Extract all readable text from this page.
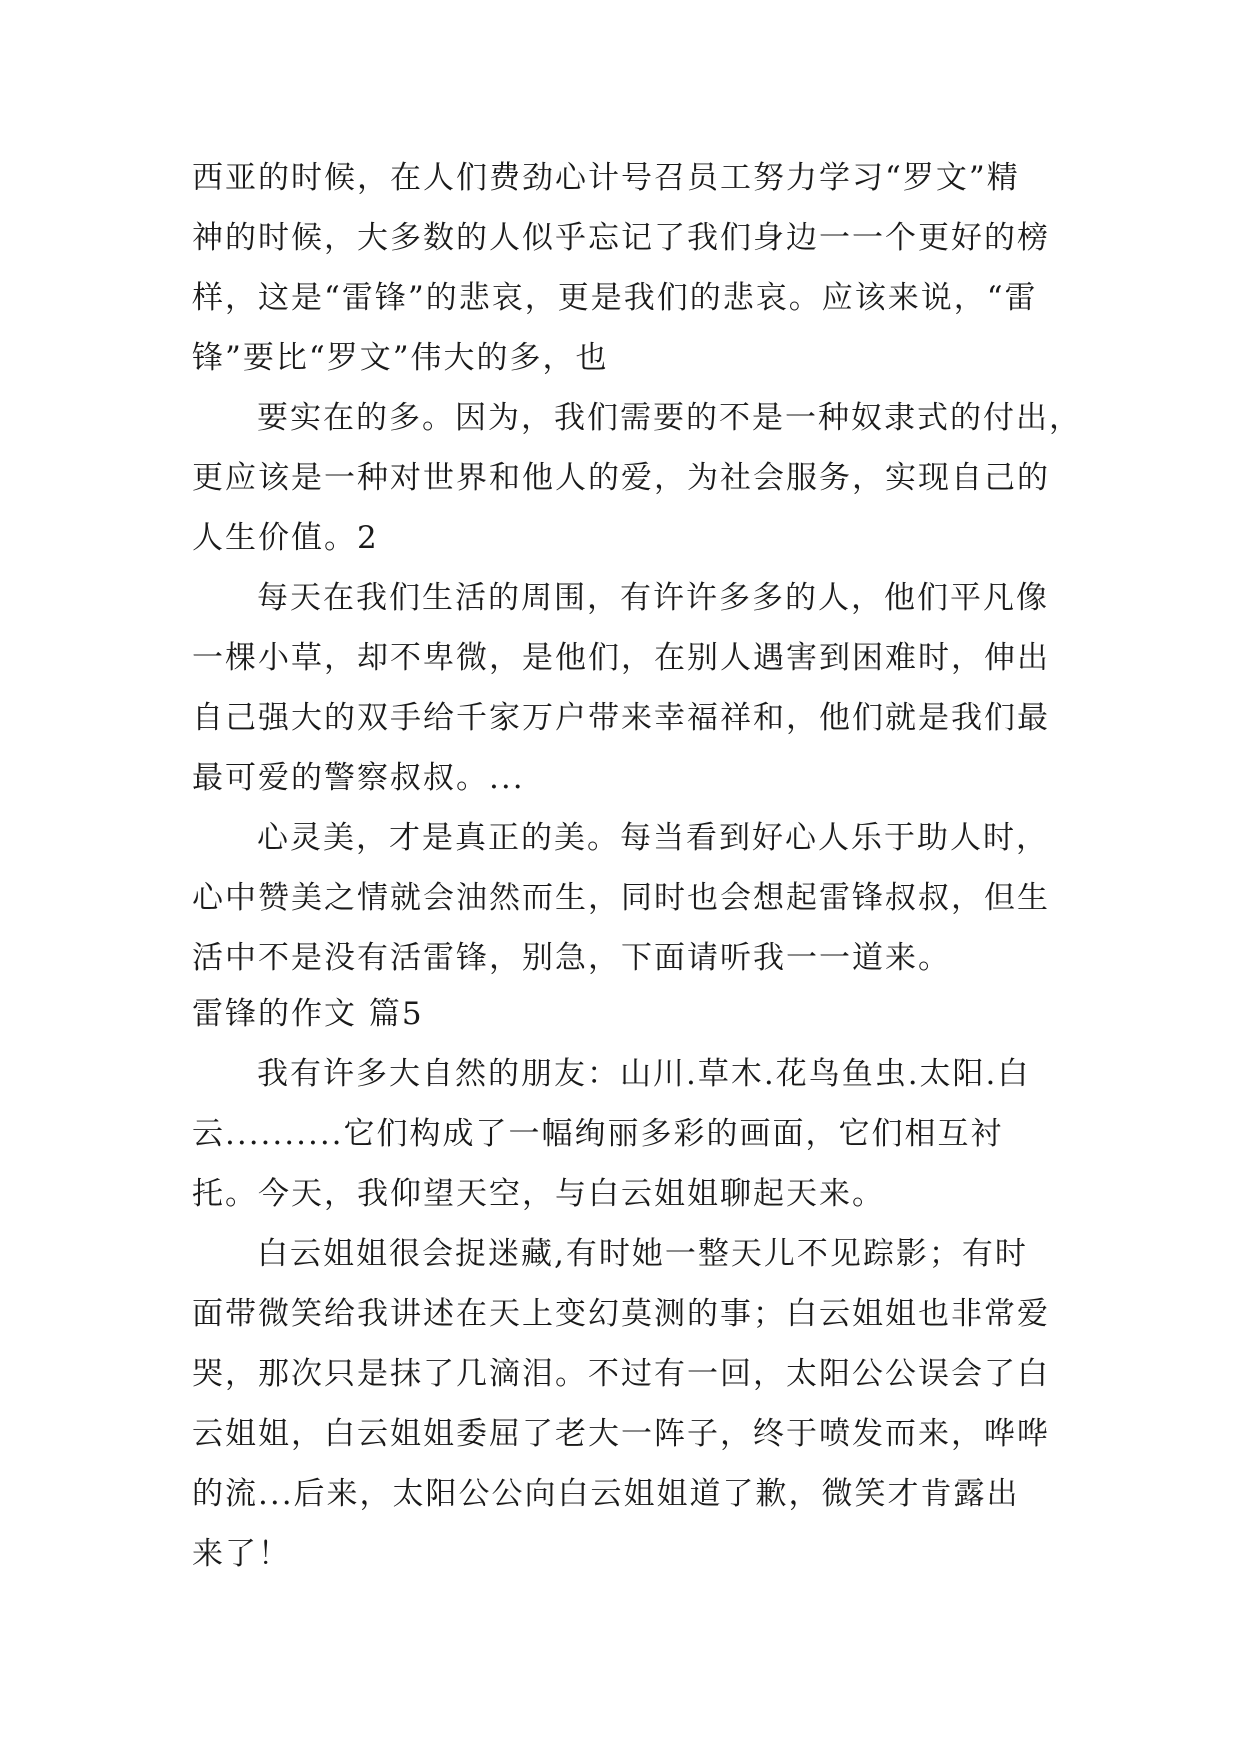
西亚的时候，在人们费劲心计号召员工努力学习“罗文”精
神的时候，大多数的人似乎忘记了我们身边一一个更好的榜
样，这是“雷锋”的悲哀，更是我们的悲哀。应该来说，“雷
锋”要比“罗文”伟大的多，也
要实在的多。因为，我们需要的不是一种奴隶式的付出，
更应该是一种对世界和他人的爱，为社会服务，实现自己的
人生价值。2
每天在我们生活的周围，有许许多多的人，他们平凡像
一棵小草，却不卑微，是他们，在别人遇害到困难时，伸出
自己强大的双手给千家万户带来幸福祥和，他们就是我们最
最可爱的警察叔叔。...
心灵美，才是真正的美。每当看到好心人乐于助人时，
心中赞美之情就会油然而生，同时也会想起雷锋叔叔，但生
活中不是没有活雷锋，别急，下面请听我一一道来。
雷锋的作文 篇5
我有许多大自然的朋友：山川.草木.花鸟鱼虫.太阳.白
云..........它们构成了一幅绚丽多彩的画面，它们相互衬
托。今天，我仰望天空，与白云姐姐聊起天来。
白云姐姐很会捉迷藏,有时她一整天儿不见踪影；有时
面带微笑给我讲述在天上变幻莫测的事；白云姐姐也非常爱
哭，那次只是抹了几滴泪。不过有一回，太阳公公误会了白
云姐姐，白云姐姐委屈了老大一阵子，终于喷发而来，哗哗
的流...后来，太阳公公向白云姐姐道了歉，微笑才肯露出
来了！
